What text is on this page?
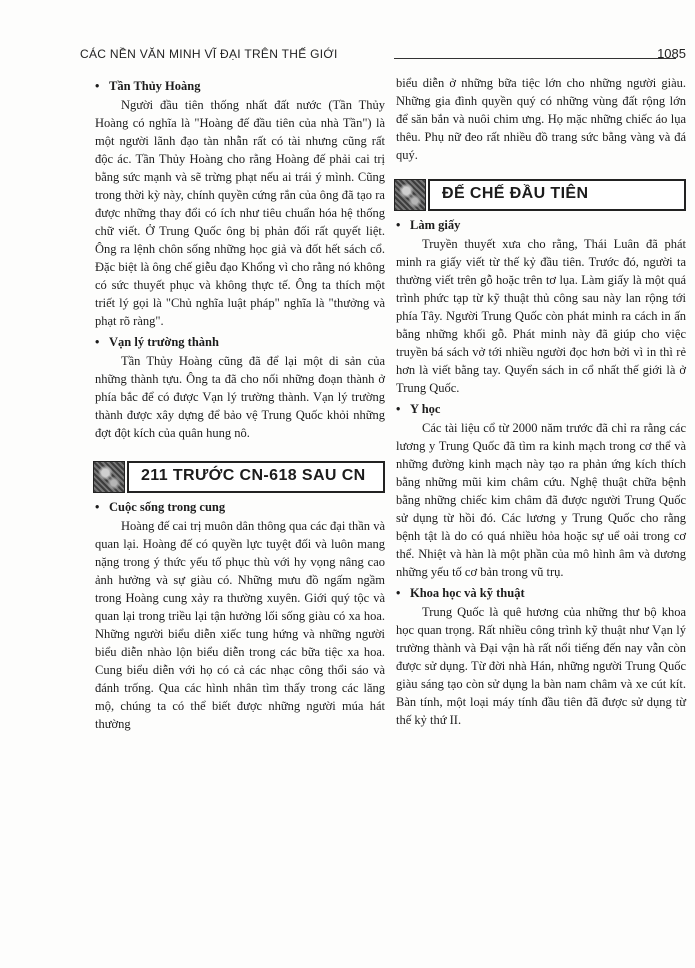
CÁC NỀN VĂN MINH VĨ ĐẠI TRÊN THẾ GIỚI	1085
• Tần Thủy Hoàng

Người đầu tiên thống nhất đất nước (Tần Thủy Hoàng có nghĩa là "Hoàng đế đầu tiên của nhà Tần") là một người lãnh đạo tàn nhẫn rất có tài nhưng cũng rất độc ác. Tần Thủy Hoàng cho rằng Hoàng đế phải cai trị bằng sức mạnh và sẽ trừng phạt nếu ai trái ý mình. Cũng trong thời kỳ này, chính quyền cứng rắn của ông đã tạo ra được những thay đổi có ích như tiêu chuẩn hóa hệ thống chữ viết. Ở Trung Quốc ông bị phản đối rất quyết liệt. Ông ra lệnh chôn sống những học giả và đốt hết sách cổ. Đặc biệt là ông chế giễu đạo Khổng vì cho rằng nó không có sức thuyết phục và không thực tế. Ông ta thích một triết lý gọi là "Chủ nghĩa luật pháp" nghĩa là "thưởng và phạt rõ ràng".

• Vạn lý trường thành

Tần Thủy Hoàng cũng đã để lại một di sản của những thành tựu. Ông ta đã cho nối những đoạn thành ở phía bắc để có được Vạn lý trường thành. Vạn lý trường thành được xây dựng để bảo vệ Trung Quốc khỏi những đợt đột kích của quân hung nô.

211 TRƯỚC CN-618 SAU CN
• Cuộc sống trong cung

Hoàng đế cai trị muôn dân thông qua các đại thần và quan lại. Hoàng đế có quyền lực tuyệt đối và luôn mang nặng trong ý thức yếu tố phục thù với hy vọng nâng cao ảnh hưởng và sự giàu có. Những mưu đồ ngấm ngầm trong Hoàng cung xảy ra thường xuyên. Giới quý tộc và quan lại trong triều lại tận hưởng lối sống giàu có xa hoa. Những người biểu diễn xiếc tung hứng và những người biểu diễn nhào lộn biểu diễn trong các bữa tiệc xa hoa. Cung biểu diễn với họ có cả các nhạc công thổi sáo và đánh trống. Qua các hình nhân tìm thấy trong các lăng mộ, chúng ta có thể biết được những người múa hát thường

biểu diễn ở những bữa tiệc lớn cho những người giàu. Những gia đình quyền quý có những vùng đất rộng lớn để săn bắn và nuôi chim ưng. Họ mặc những chiếc áo lụa thêu. Phụ nữ đeo rất nhiều đồ trang sức bằng vàng và đá quý.

ĐẾ CHẾ ĐẦU TIÊN
• Làm giấy

Truyền thuyết xưa cho rằng, Thái Luân đã phát minh ra giấy viết từ thế kỷ đầu tiên. Trước đó, người ta thường viết trên gỗ hoặc trên tơ lụa. Làm giấy là một quá trình phức tạp từ kỹ thuật thủ công sau này lan rộng tới phía Tây. Người Trung Quốc còn phát minh ra cách in ấn bằng những khối gỗ. Phát minh này đã giúp cho việc truyền bá sách vở tới nhiều người đọc hơn bởi vì in thì rẻ hơn là viết bằng tay. Quyển sách in cổ nhất thế giới là ở Trung Quốc.

• Y học

Các tài liệu cổ từ 2000 năm trước đã chỉ ra rằng các lương y Trung Quốc đã tìm ra kinh mạch trong cơ thể và những đường kinh mạch này tạo ra phản ứng kích thích bằng những mũi kim châm cứu. Nghệ thuật chữa bệnh bằng những chiếc kim châm đã được người Trung Quốc sử dụng từ hồi đó. Các lương y Trung Quốc cho rằng bệnh tật là do có quá nhiều hỏa hoặc sự uể oải trong cơ thể. Nhiệt và hàn là một phần của mô hình âm và dương những yếu tố cơ bản trong vũ trụ.

• Khoa học và kỹ thuật

Trung Quốc là quê hương của những thư bộ khoa học quan trọng. Rất nhiều công trình kỹ thuật như Vạn lý trường thành và Đại vận hà rất nổi tiếng đến nay vẫn còn được sử dụng. Từ đời nhà Hán, những người Trung Quốc giàu sáng tạo còn sử dụng la bàn nam châm và xe cút kít. Bàn tính, một loại máy tính đầu tiên đã được sử dụng từ thế kỷ thứ II.
